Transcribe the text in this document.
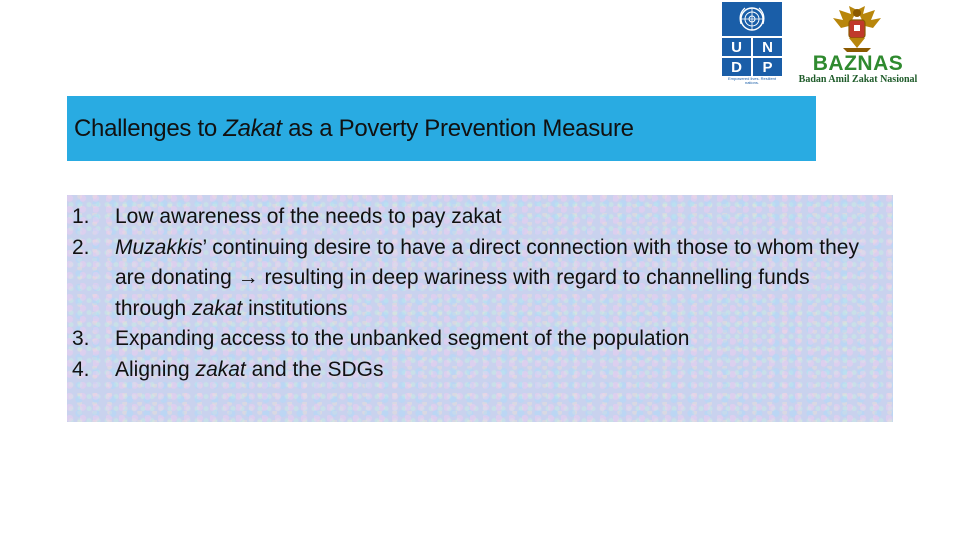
U	N
D	P
Empowered lives. Resilient nations.
BAZNAS
Badan Amil Zakat Nasional
Challenges to Zakat as a Poverty Prevention Measure
1. Low awareness of the needs to pay zakat
2. Muzakkis’ continuing desire to have a direct connection with those to whom they are donating → resulting in deep wariness with regard to channelling funds through zakat institutions
3. Expanding access to the unbanked segment of the population
4. Aligning zakat and the SDGs
